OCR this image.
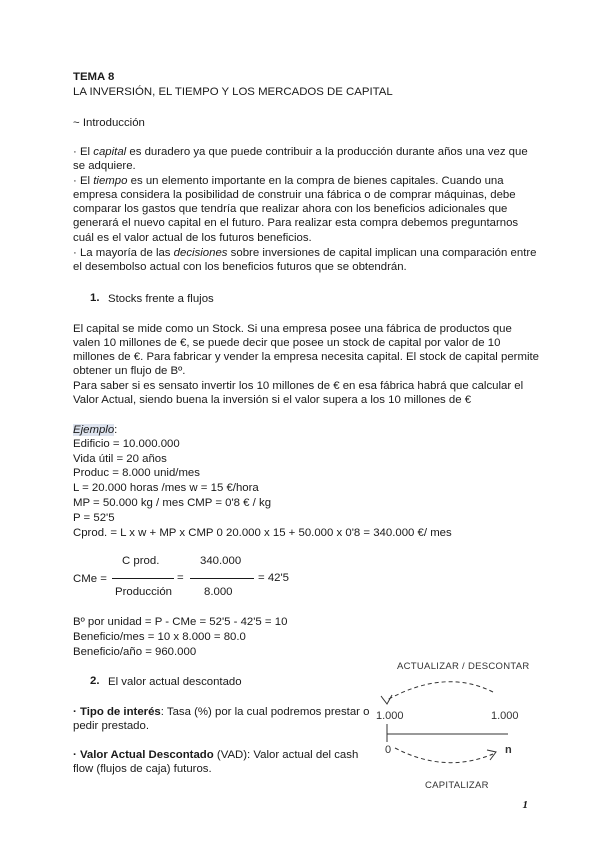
TEMA 8
LA INVERSIÓN, EL TIEMPO Y LOS MERCADOS DE CAPITAL
~ Introducción
· El capital es duradero ya que puede contribuir a la producción durante años una vez que
se adquiere.
· El tiempo es un elemento importante en la compra de bienes capitales. Cuando una
empresa considera la posibilidad de construir una fábrica o de comprar máquinas, debe
comparar los gastos que tendría que realizar ahora con los beneficios adicionales que
generará el nuevo capital en el futuro. Para realizar esta compra debemos preguntarnos
cuál es el valor actual de los futuros beneficios.
· La mayoría de las decisiones sobre inversiones de capital implican una comparación entre
el desembolso actual con los beneficios futuros que se obtendrán.
1. Stocks frente a flujos
El capital se mide como un Stock. Si una empresa posee una fábrica de productos que
valen 10 millones de €, se puede decir que posee un stock de capital por valor de 10
millones de €. Para fabricar y vender la empresa necesita capital. El stock de capital permite
obtener un flujo de Bº.
Para saber si es sensato invertir los 10 millones de € en esa fábrica habrá que calcular el
Valor Actual, siendo buena la inversión si el valor supera a los 10 millones de €
Ejemplo:
Edificio = 10.000.000
Vida útil = 20 años
Produc = 8.000 unid/mes
L = 20.000 horas /mes w = 15 €/hora
MP = 50.000 kg / mes CMP = 0'8 € / kg
P = 52'5
Cprod. = L x w + MP x CMP 0 20.000 x 15 + 50.000 x 0'8 = 340.000 €/ mes
CMe =
C prod.
Producción
=
340.000
8.000
= 42'5
Bº por unidad = P - CMe = 52'5 - 42'5 = 10
Beneficio/mes = 10 x 8.000 = 80.0
Beneficio/año = 960.000
2. El valor actual descontado
· Tipo de interés: Tasa (%) por la cual podremos prestar o
pedir prestado.
· Valor Actual Descontado (VAD): Valor actual del cash
flow (flujos de caja) futuros.
ACTUALIZAR / DESCONTAR
1.000	1.000
0	n
CAPITALIZAR
1
